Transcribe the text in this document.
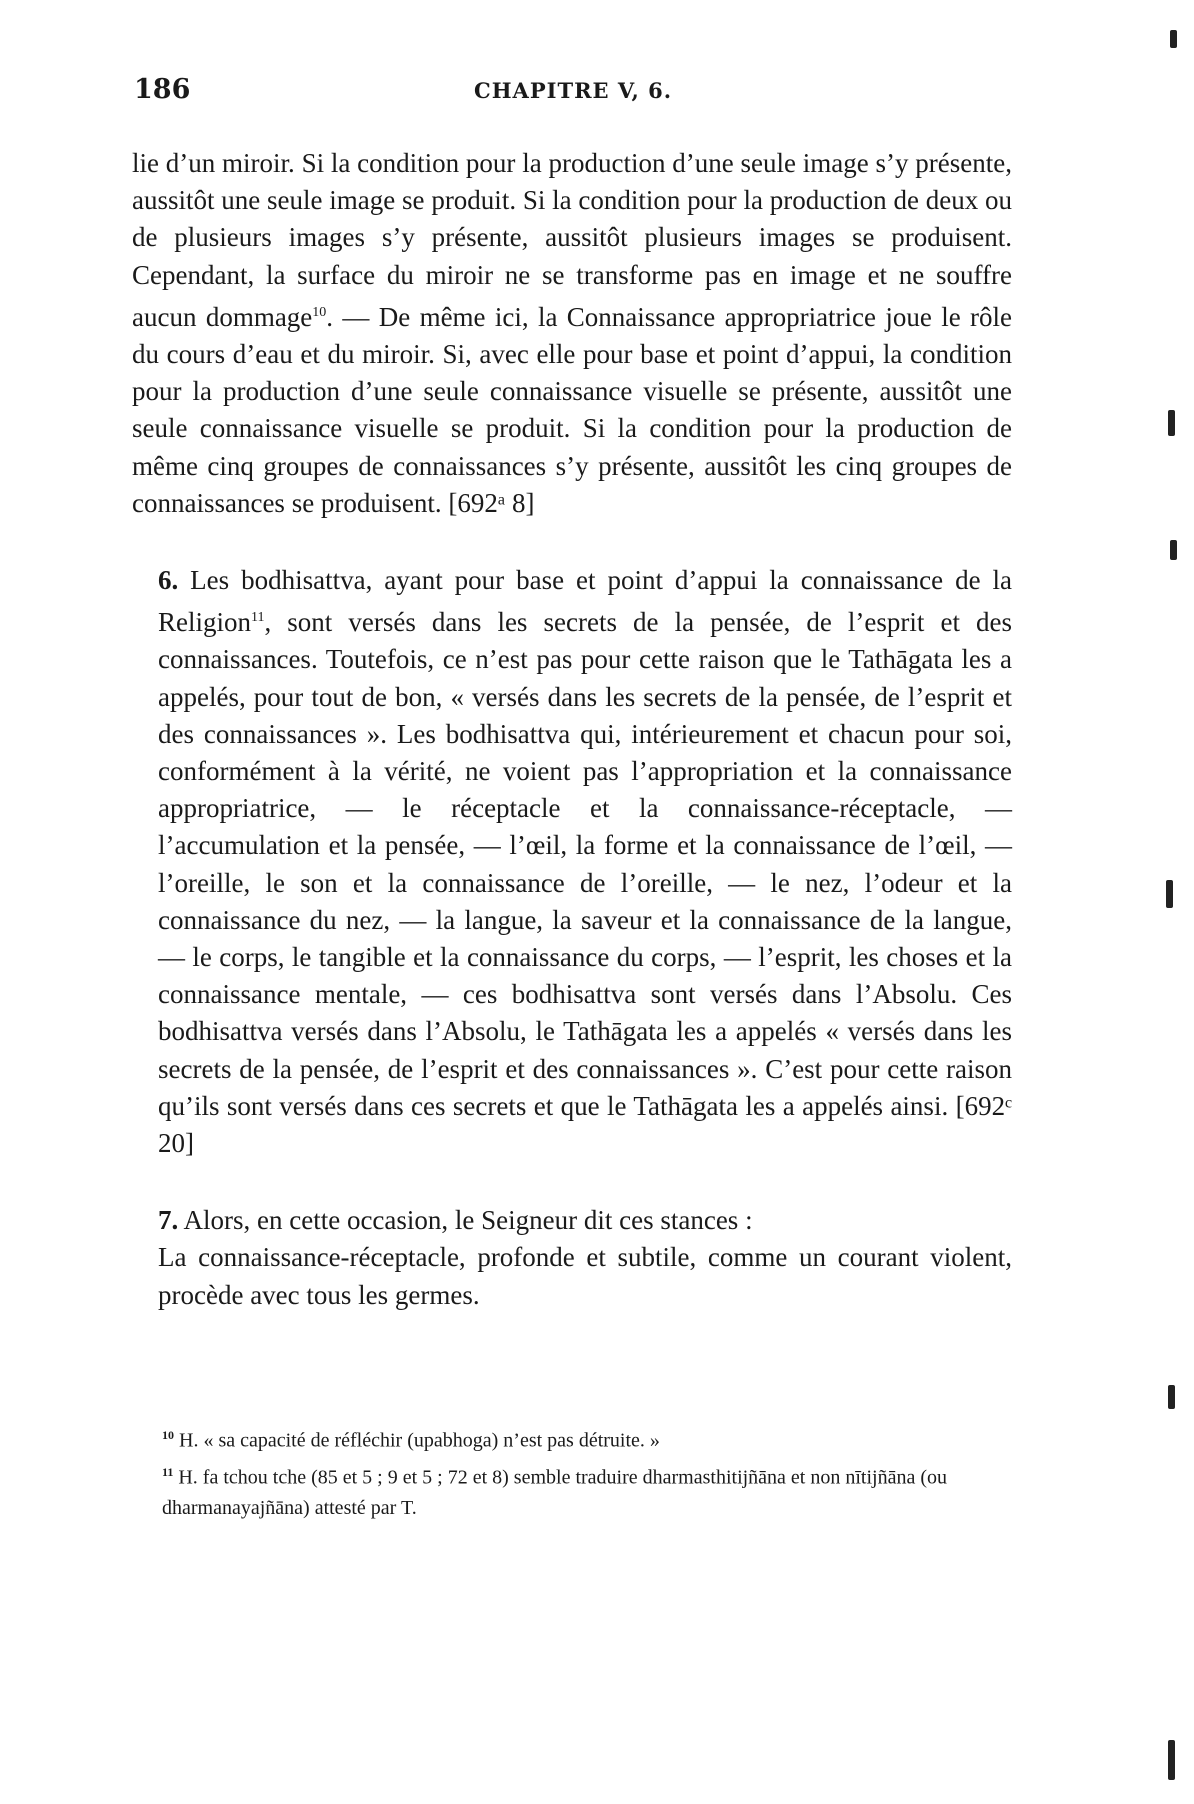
186	CHAPITRE V, 6.

lie d’un miroir. Si la condition pour la production d’une seule image s’y présente, aussitôt une seule image se produit. Si la condition pour la production de deux ou de plusieurs images s’y présente, aussitôt plusieurs images se produisent. Cependant, la surface du miroir ne se transforme pas en image et ne souffre aucun dommage$^{10}$. — De même ici, la Connaissance appropriatrice joue le rôle du cours d’eau et du miroir. Si, avec elle pour base et point d’appui, la condition pour la production d’une seule connaissance visuelle se présente, aussitôt une seule connaissance visuelle se produit. Si la condition pour la production de même cinq groupes de connaissances s’y présente, aussitôt les cinq groupes de connaissances se produisent. [692ᵃ 8]

6. Les bodhisattva, ayant pour base et point d’appui la connaissance de la Religion$^{11}$, sont versés dans les secrets de la pensée, de l’esprit et des connaissances. Toutefois, ce n’est pas pour cette raison que le Tathāgata les a appelés, pour tout de bon, « versés dans les secrets de la pensée, de l’esprit et des connaissances ». Les bodhisattva qui, intérieurement et chacun pour soi, conformément à la vérité, ne voient pas l’appropriation et la connaissance appropriatrice, — le réceptacle et la connaissance-réceptacle, — l’accumulation et la pensée, — l’œil, la forme et la connaissance de l’œil, — l’oreille, le son et la connaissance de l’oreille, — le nez, l’odeur et la connaissance du nez, — la langue, la saveur et la connaissance de la langue, — le corps, le tangible et la connaissance du corps, — l’esprit, les choses et la connaissance mentale, — ces bodhisattva sont versés dans l’Absolu. Ces bodhisattva versés dans l’Absolu, le Tathāgata les a appelés « versés dans les secrets de la pensée, de l’esprit et des connaissances ». C’est pour cette raison qu’ils sont versés dans ces secrets et que le Tathāgata les a appelés ainsi. [692ᶜ 20]

7. Alors, en cette occasion, le Seigneur dit ces stances :

La connaissance-réceptacle, profonde et subtile, comme un courant violent, procède avec tous les germes.

$^{10}$ H. « sa capacité de réfléchir (upabhoga) n’est pas détruite. »

$^{11}$ H. fa tchou tche (85 et 5 ; 9 et 5 ; 72 et 8) semble traduire dharmasthitijñāna et non nītijñāna (ou dharmanayajñāna) attesté par T.
